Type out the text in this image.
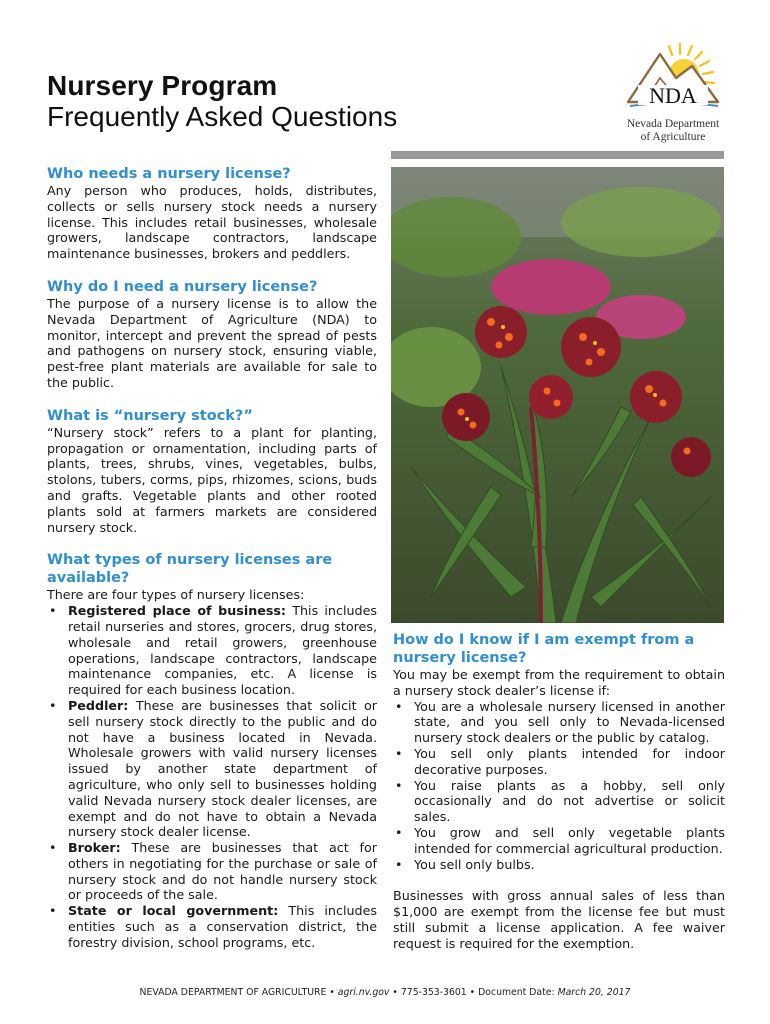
Nursery Program
Frequently Asked Questions
NDA
Nevada Department
of Agriculture
Who needs a nursery license?
Any person who produces, holds, distributes, collects or sells nursery stock needs a nursery license. This includes retail businesses, wholesale growers, landscape contractors, landscape maintenance businesses, brokers and peddlers.
Why do I need a nursery license?
The purpose of a nursery license is to allow the Nevada Department of Agriculture (NDA) to monitor, intercept and prevent the spread of pests and pathogens on nursery stock, ensuring viable, pest-free plant materials are available for sale to the public.
What is “nursery stock?”
“Nursery stock” refers to a plant for planting, propagation or ornamentation, including parts of plants, trees, shrubs, vines, vegetables, bulbs, stolons, tubers, corms, pips, rhizomes, scions, buds and grafts. Vegetable plants and other rooted plants sold at farmers markets are considered nursery stock.
What types of nursery licenses are available?
There are four types of nursery licenses:
• Registered place of business: This includes retail nurseries and stores, grocers, drug stores, wholesale and retail growers, greenhouse operations, landscape contractors, landscape maintenance companies, etc. A license is required for each business location.
• Peddler: These are businesses that solicit or sell nursery stock directly to the public and do not have a business located in Nevada. Wholesale growers with valid nursery licenses issued by another state department of agriculture, who only sell to businesses holding valid Nevada nursery stock dealer licenses, are exempt and do not have to obtain a Nevada nursery stock dealer license.
• Broker: These are businesses that act for others in negotiating for the purchase or sale of nursery stock and do not handle nursery stock or proceeds of the sale.
• State or local government: This includes entities such as a conservation district, the forestry division, school programs, etc.
How do I know if I am exempt from a nursery license?
You may be exempt from the requirement to obtain a nursery stock dealer’s license if:
• You are a wholesale nursery licensed in another state, and you sell only to Nevada-licensed nursery stock dealers or the public by catalog.
• You sell only plants intended for indoor decorative purposes.
• You raise plants as a hobby, sell only occasionally and do not advertise or solicit sales.
• You grow and sell only vegetable plants intended for commercial agricultural production.
• You sell only bulbs.
Businesses with gross annual sales of less than $1,000 are exempt from the license fee but must still submit a license application. A fee waiver request is required for the exemption.
NEVADA DEPARTMENT OF AGRICULTURE • agri.nv.gov • 775-353-3601 • Document Date: March 20, 2017
